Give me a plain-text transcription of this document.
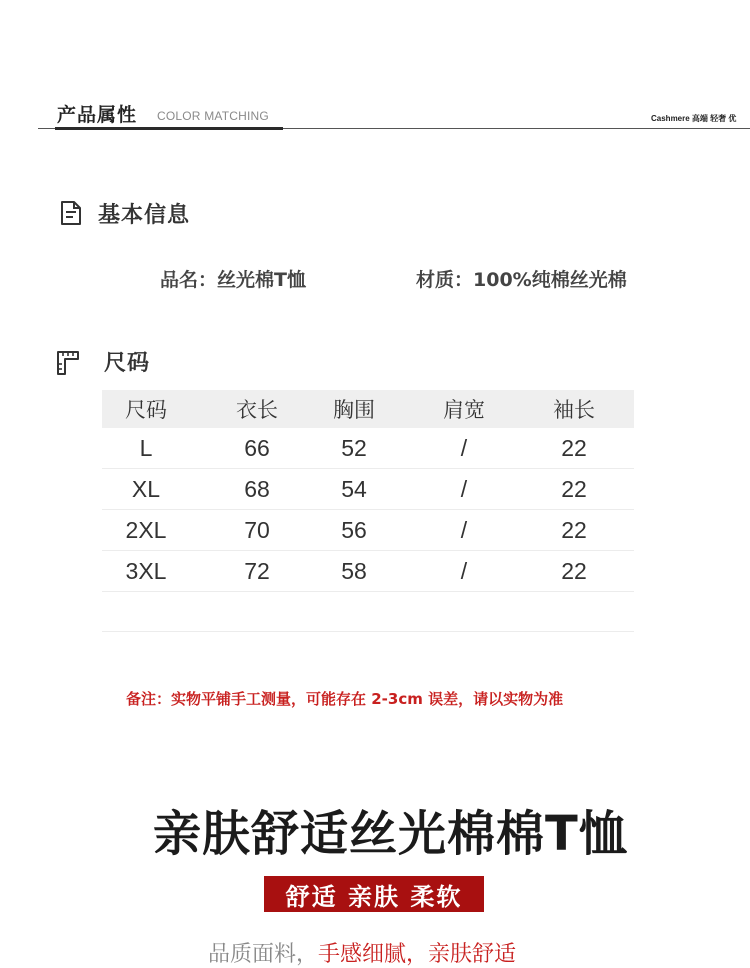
产品属性 COLOR MATCHING	Cashmere 高端 轻奢 优
基本信息
品名：丝光棉T恤	材质：100%纯棉丝光棉
尺码
尺码	衣长	胸围	肩宽	袖长
L	66	52	/	22
XL	68	54	/	22
2XL	70	56	/	22
3XL	72	58	/	22
备注：实物平铺手工测量，可能存在 2-3cm 误差，请以实物为准
亲肤舒适丝光棉棉T恤
舒适 亲肤 柔软
品质面料，手感细腻，亲肤舒适
